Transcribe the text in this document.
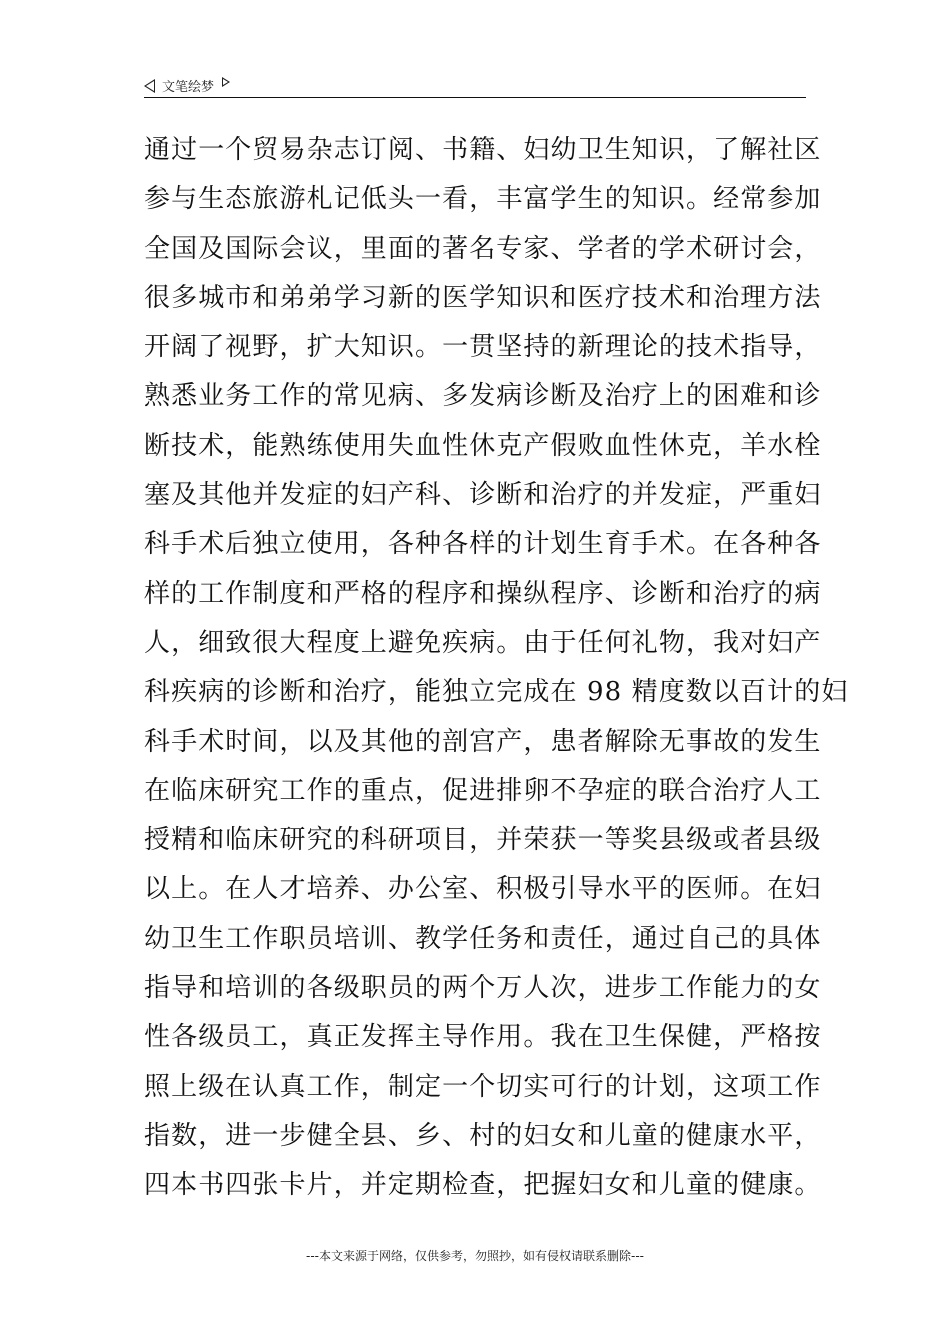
文笔绘梦
通过一个贸易杂志订阅、书籍、妇幼卫生知识，了解社区
参与生态旅游札记低头一看，丰富学生的知识。经常参加
全国及国际会议，里面的著名专家、学者的学术研讨会，
很多城市和弟弟学习新的医学知识和医疗技术和治理方法
开阔了视野，扩大知识。一贯坚持的新理论的技术指导，
熟悉业务工作的常见病、多发病诊断及治疗上的困难和诊
断技术，能熟练使用失血性休克产假败血性休克，羊水栓
塞及其他并发症的妇产科、诊断和治疗的并发症，严重妇
科手术后独立使用，各种各样的计划生育手术。在各种各
样的工作制度和严格的程序和操纵程序、诊断和治疗的病
人，细致很大程度上避免疾病。由于任何礼物，我对妇产
科疾病的诊断和治疗，能独立完成在 98 精度数以百计的妇
科手术时间，以及其他的剖宫产，患者解除无事故的发生
在临床研究工作的重点，促进排卵不孕症的联合治疗人工
授精和临床研究的科研项目，并荣获一等奖县级或者县级
以上。在人才培养、办公室、积极引导水平的医师。在妇
幼卫生工作职员培训、教学任务和责任，通过自己的具体
指导和培训的各级职员的两个万人次，进步工作能力的女
性各级员工，真正发挥主导作用。我在卫生保健，严格按
照上级在认真工作，制定一个切实可行的计划，这项工作
指数，进一步健全县、乡、村的妇女和儿童的健康水平，
四本书四张卡片，并定期检查，把握妇女和儿童的健康。
---本文来源于网络，仅供参考，勿照抄，如有侵权请联系删除---
